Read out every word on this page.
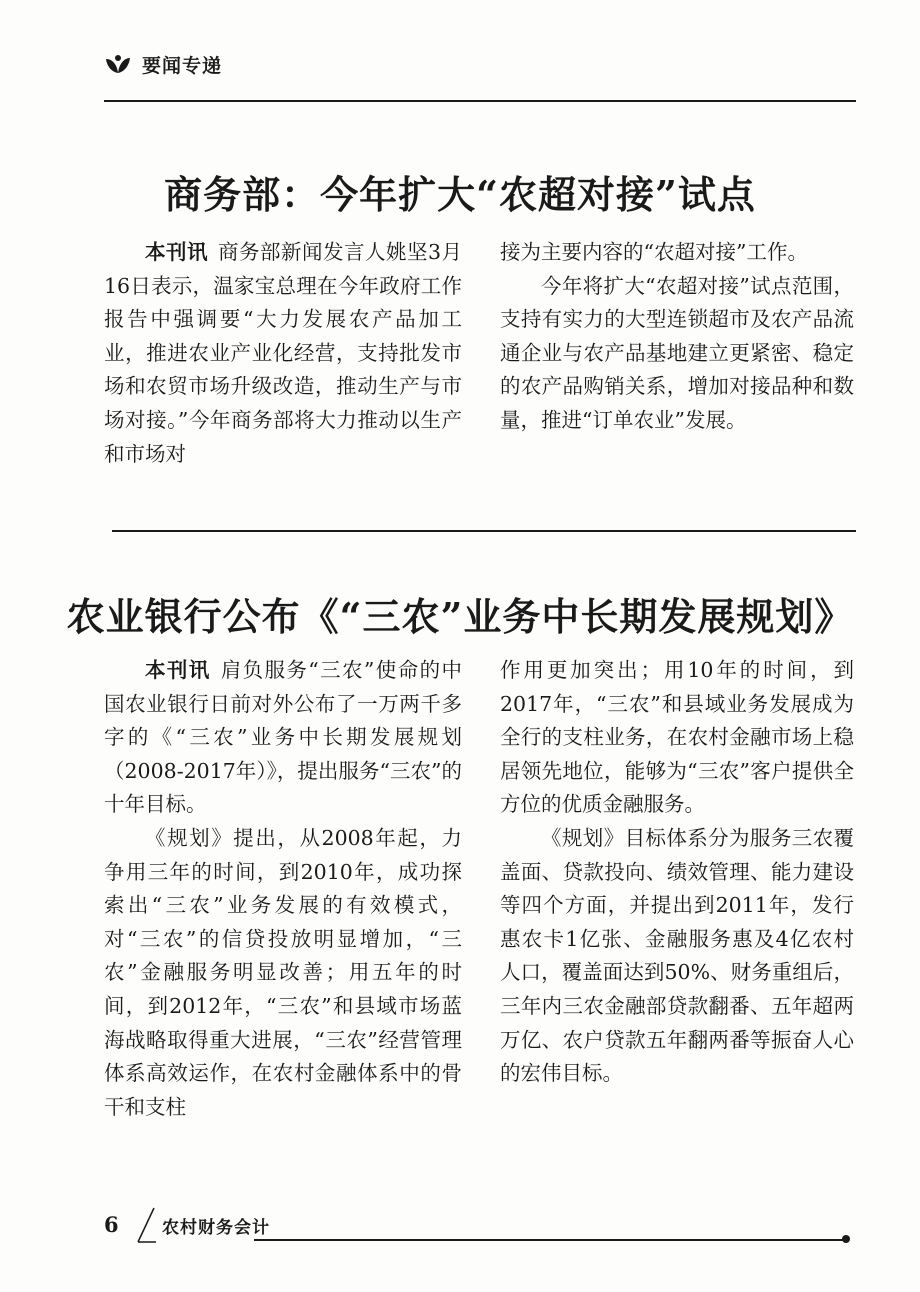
要闻专递
商务部：今年扩大“农超对接”试点

本刊讯 商务部新闻发言人姚坚3月16日表示，温家宝总理在今年政府工作报告中强调要“大力发展农产品加工业，推进农业产业化经营，支持批发市场和农贸市场升级改造，推动生产与市场对接。”今年商务部将大力推动以生产和市场对

接为主要内容的“农超对接”工作。

今年将扩大“农超对接”试点范围，支持有实力的大型连锁超市及农产品流通企业与农产品基地建立更紧密、稳定的农产品购销关系，增加对接品种和数量，推进“订单农业”发展。

农业银行公布《“三农”业务中长期发展规划》

本刊讯 肩负服务“三农”使命的中国农业银行日前对外公布了一万两千多字的《“三农”业务中长期发展规划（2008-2017年）》，提出服务“三农”的十年目标。

《规划》提出，从2008年起，力争用三年的时间，到2010年，成功探索出“三农”业务发展的有效模式，对“三农”的信贷投放明显增加，“三农”金融服务明显改善；用五年的时间，到2012年，“三农”和县域市场蓝海战略取得重大进展，“三农”经营管理体系高效运作，在农村金融体系中的骨干和支柱

作用更加突出；用10年的时间，到2017年，“三农”和县域业务发展成为全行的支柱业务，在农村金融市场上稳居领先地位，能够为“三农”客户提供全方位的优质金融服务。

《规划》目标体系分为服务三农覆盖面、贷款投向、绩效管理、能力建设等四个方面，并提出到2011年，发行惠农卡1亿张、金融服务惠及4亿农村人口，覆盖面达到50%、财务重组后，三年内三农金融部贷款翻番、五年超两万亿、农户贷款五年翻两番等振奋人心的宏伟目标。

6	农村财务会计
